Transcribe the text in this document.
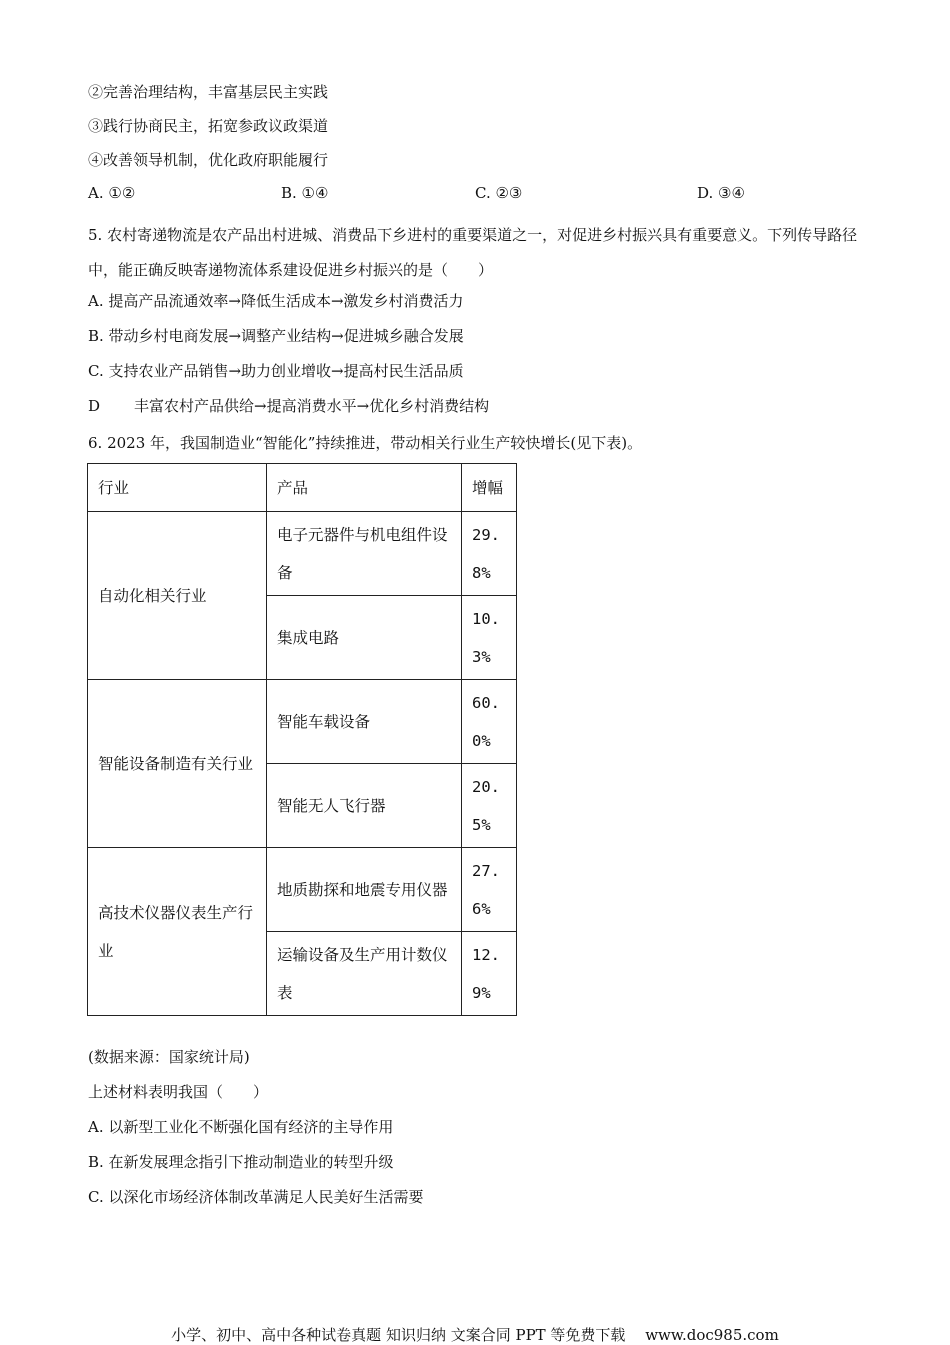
②完善治理结构，丰富基层民主实践
③践行协商民主，拓宽参政议政渠道
④改善领导机制，优化政府职能履行
A. ①②	B. ①④	C. ②③	D. ③④
5. 农村寄递物流是农产品出村进城、消费品下乡进村的重要渠道之一，对促进乡村振兴具有重要意义。下列传导路径中，能正确反映寄递物流体系建设促进乡村振兴的是（　　）
A. 提高产品流通效率→降低生活成本→激发乡村消费活力
B. 带动乡村电商发展→调整产业结构→促进城乡融合发展
C. 支持农业产品销售→助力创业增收→提高村民生活品质
D 丰富农村产品供给→提高消费水平→优化乡村消费结构
6. 2023 年，我国制造业“智能化”持续推进，带动相关行业生产较快增长(见下表)。
行业	产品	增幅
自动化相关行业	电子元器件与机电组件设备	29.8%
	集成电路	10.3%
智能设备制造有关行业	智能车载设备	60.0%
	智能无人飞行器	20.5%
高技术仪器仪表生产行业	地质勘探和地震专用仪器	27.6%
	运输设备及生产用计数仪表	12.9%
(数据来源：国家统计局)
上述材料表明我国（　　）
A. 以新型工业化不断强化国有经济的主导作用
B. 在新发展理念指引下推动制造业的转型升级
C. 以深化市场经济体制改革满足人民美好生活需要
小学、初中、高中各种试卷真题 知识归纳 文案合同 PPT 等免费下载　 www.doc985.com
